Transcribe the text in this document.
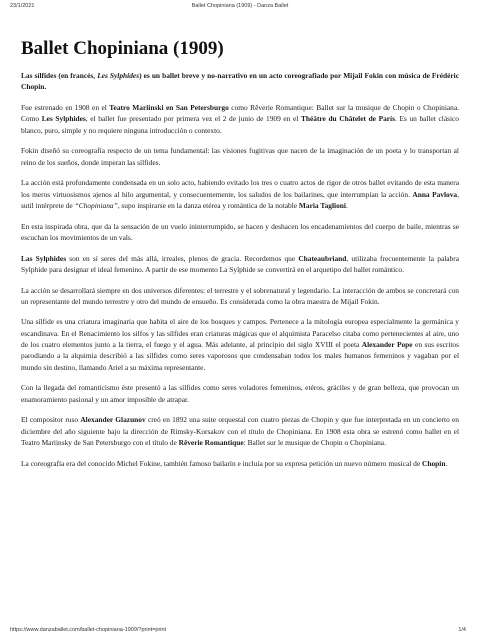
23/1/2021	Ballet Chopiniana (1909) - Danza Ballet
Ballet Chopiniana (1909)

Las sílfides (en francés, Les Sylphides) es un ballet breve y no-narrativo en un acto coreografiado por Mijail Fokin con música de Frédéric Chopin.

Fue estrenado en 1908 en el Teatro Mariinski en San Petersburgo como Rêverie Romantique: Ballet sur la musique de Chopin o Chopiniana. Como Les Sylphides, el ballet fue presentado por primera vez el 2 de junio de 1909 en el Théâtre du Châtelet de París. Es un ballet clásico blanco, puro, simple y no requiere ninguna introducción o contexto.

Fokin diseñó su coreografía respecto de un tema fundamental: las visiones fugitivas que nacen de la imaginación de un poeta y lo transportan al reino de los sueños, donde imperan las sílfides.

La acción está profundamente condensada en un solo acto, habiendo evitado los tres o cuatro actos de rigor de otros ballet evitando de esta manera los meros virtuosismos ajenos al hilo argumental, y consecuentemente, los saludos de los bailarines, que interrumpían la acción. Anna Pavlova, sutil intérprete de “Chopiniana”, supo inspirarse en la danza etérea y romántica de la notable Maria Taglioni.

En esta inspirada obra, que da la sensación de un vuelo ininterrumpido, se hacen y deshacen los encadenamientos del cuerpo de baile, mientras se escuchan los movimientos de un vals.

Las Sylphides son en sí seres del más allá, irreales, plenos de gracia. Recordemos que Chateaubriand, utilizaba frecuentemente la palabra Sylphide para designar el ideal femenino. A partir de ese momento La Sylphide se convertirá en el arquetipo del ballet romántico.

La acción se desarrollará siempre en dos universos diferentes: el terrestre y el sobrenatural y legendario. La interacción de ambos se concretará con un representante del mundo terrestre y otro del mundo de ensueño. Es considerada como la obra maestra de Mijail Fokin.

Una sílfide es una criatura imaginaria que habita el aire de los bosques y campos. Pertenece a la mitología europea especialmente la germánica y escandinava. En el Renacimiento los silfos y las sílfides eran criaturas mágicas que el alquimista Paracelso citaba como pertenecientes al aire, uno de los cuatro elementos junto a la tierra, el fuego y el agua. Más adelante, al principio del siglo XVIII el poeta Alexander Pope en sus escritos parodiando a la alquimia describió a las sílfides como seres vaporosos que condensaban todos los males humanos femeninos y vagaban por el mundo sin destino, llamando Ariel a su máxima representante.

Con la llegada del romanticismo éste presentó a las sílfides como seres voladores femeninos, etéros, gráciles y de gran belleza, que provocan un enamoramiento pasional y un amor imposible de atrapar.

El compositor ruso Alexander Glazunov creó en 1892 una suite orquestal con cuatro piezas de Chopin y que fue interpretada en un concierto en diciembre del año siguiente bajo la dirección de Rimsky-Korsakov con el título de Chopiniana. En 1908 esta obra se estrenó como ballet en el Teatro Mariinsky de San Petersburgo con el título de Rêverie Romantique: Ballet sur le musique de Chopin o Chopiniana.

La coreografía era del conocido Michel Fokine, también famoso bailarín e incluía por su expresa petición un nuevo número musical de Chopin.

https://www.danzaballet.com/ballet-chopiniana-1909/?print=print	1/4
